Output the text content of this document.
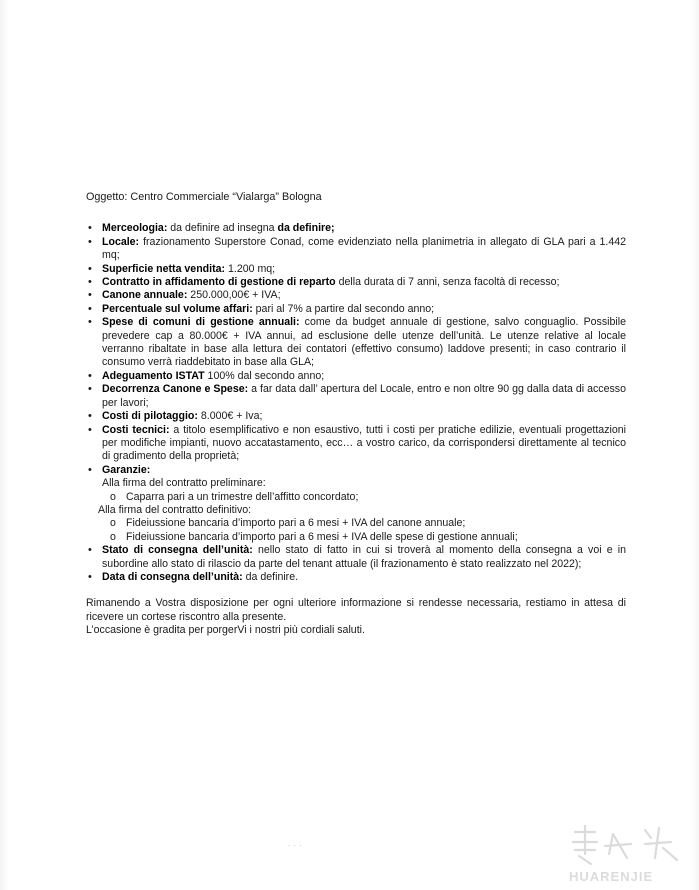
Oggetto: Centro Commerciale “Vialarga” Bologna

• Merceologia: da definire ad insegna da definire;
• Locale: frazionamento Superstore Conad, come evidenziato nella planimetria in allegato di GLA pari a 1.442 mq;
• Superficie netta vendita: 1.200 mq;
• Contratto in affidamento di gestione di reparto della durata di 7 anni, senza facoltà di recesso;
• Canone annuale: 250.000,00€ + IVA;
• Percentuale sul volume affari: pari al 7% a partire dal secondo anno;
• Spese di comuni di gestione annuali: come da budget annuale di gestione, salvo conguaglio. Possibile prevedere cap a 80.000€ + IVA annui, ad esclusione delle utenze dell’unità. Le utenze relative al locale verranno ribaltate in base alla lettura dei contatori (effettivo consumo) laddove presenti; in caso contrario il consumo verrà riaddebitato in base alla GLA;
• Adeguamento ISTAT 100% dal secondo anno;
• Decorrenza Canone e Spese: a far data dall’ apertura del Locale, entro e non oltre 90 gg dalla data di accesso per lavori;
• Costi di pilotaggio: 8.000€ + Iva;
• Costi tecnici: a titolo esemplificativo e non esaustivo, tutti i costi per pratiche edilizie, eventuali progettazioni per modifiche impianti, nuovo accatastamento, ecc… a vostro carico, da corrispondersi direttamente al tecnico di gradimento della proprietà;
• Garanzie:
Alla firma del contratto preliminare:
o Caparra pari a un trimestre dell’affitto concordato;
Alla firma del contratto definitivo:
o Fideiussione bancaria d’importo pari a 6 mesi + IVA del canone annuale;
o Fideiussione bancaria d’importo pari a 6 mesi + IVA delle spese di gestione annuali;
• Stato di consegna dell’unità: nello stato di fatto in cui si troverà al momento della consegna a voi e in subordine allo stato di rilascio da parte del tenant attuale (il frazionamento è stato realizzato nel 2022);
• Data di consegna dell’unità: da definire.

Rimanendo a Vostra disposizione per ogni ulteriore informazione si rendesse necessaria, restiamo in attesa di ricevere un cortese riscontro alla presente.

L’occasione è gradita per porgerVi i nostri più cordiali saluti.

· · ·
HUARENJIE
